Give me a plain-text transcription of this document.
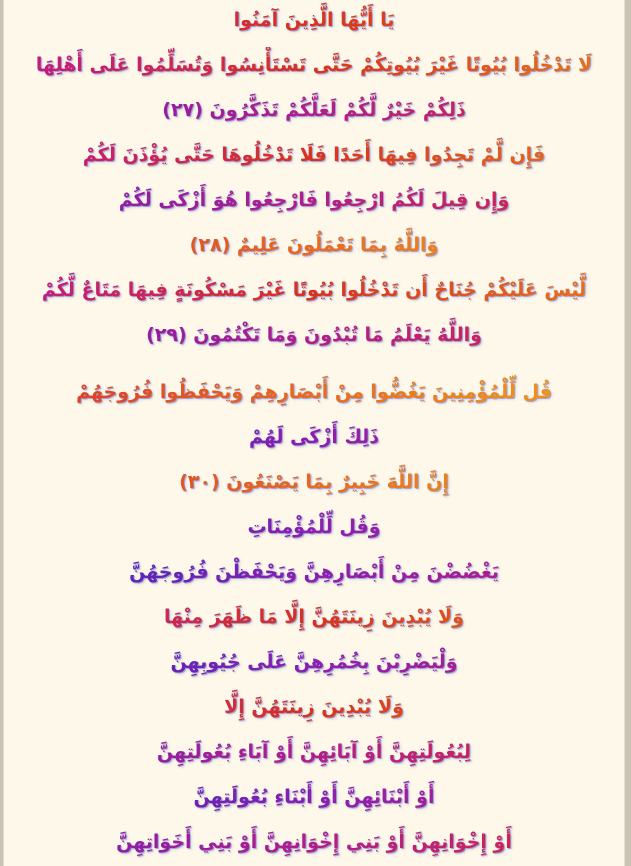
يَا أَيُّهَا الَّذِينَ آمَنُوا
لَا تَدْخُلُوا بُيُوتًا غَيْرَ بُيُوتِكُمْ حَتَّى تَسْتَأْنِسُوا وَتُسَلِّمُوا عَلَى أَهْلِهَا
ذَلِكُمْ خَيْرٌ لَّكُمْ لَعَلَّكُمْ تَذَكَّرُونَ (٢٧)
فَإِن لَّمْ تَجِدُوا فِيهَا أَحَدًا فَلَا تَدْخُلُوهَا حَتَّى يُؤْذَنَ لَكُمْ
وَإِن قِيلَ لَكُمُ ارْجِعُوا فَارْجِعُوا هُوَ أَزْكَى لَكُمْ
وَاللَّهُ بِمَا تَعْمَلُونَ عَلِيمٌ (٢٨)
لَّيْسَ عَلَيْكُمْ جُنَاحٌ أَن تَدْخُلُوا بُيُوتًا غَيْرَ مَسْكُونَةٍ فِيهَا مَتَاعٌ لَّكُمْ
وَاللَّهُ يَعْلَمُ مَا تُبْدُونَ وَمَا تَكْتُمُونَ (٢٩)
قُل لِّلْمُؤْمِنِينَ يَغُضُّوا مِنْ أَبْصَارِهِمْ وَيَحْفَظُوا فُرُوجَهُمْ
ذَلِكَ أَزْكَى لَهُمْ
إِنَّ اللَّهَ خَبِيرٌ بِمَا يَصْنَعُونَ (٣٠)
وَقُل لِّلْمُؤْمِنَاتِ
يَغْضُضْنَ مِنْ أَبْصَارِهِنَّ وَيَحْفَظْنَ فُرُوجَهُنَّ
وَلَا يُبْدِينَ زِينَتَهُنَّ إِلَّا مَا ظَهَرَ مِنْهَا
وَلْيَضْرِبْنَ بِخُمُرِهِنَّ عَلَى جُيُوبِهِنَّ
وَلَا يُبْدِينَ زِينَتَهُنَّ إِلَّا
لِبُعُولَتِهِنَّ أَوْ آبَائِهِنَّ أَوْ آبَاءِ بُعُولَتِهِنَّ
أَوْ أَبْنَائِهِنَّ أَوْ أَبْنَاءِ بُعُولَتِهِنَّ
أَوْ إِخْوَانِهِنَّ أَوْ بَنِي إِخْوَانِهِنَّ أَوْ بَنِي أَخَوَاتِهِنَّ
